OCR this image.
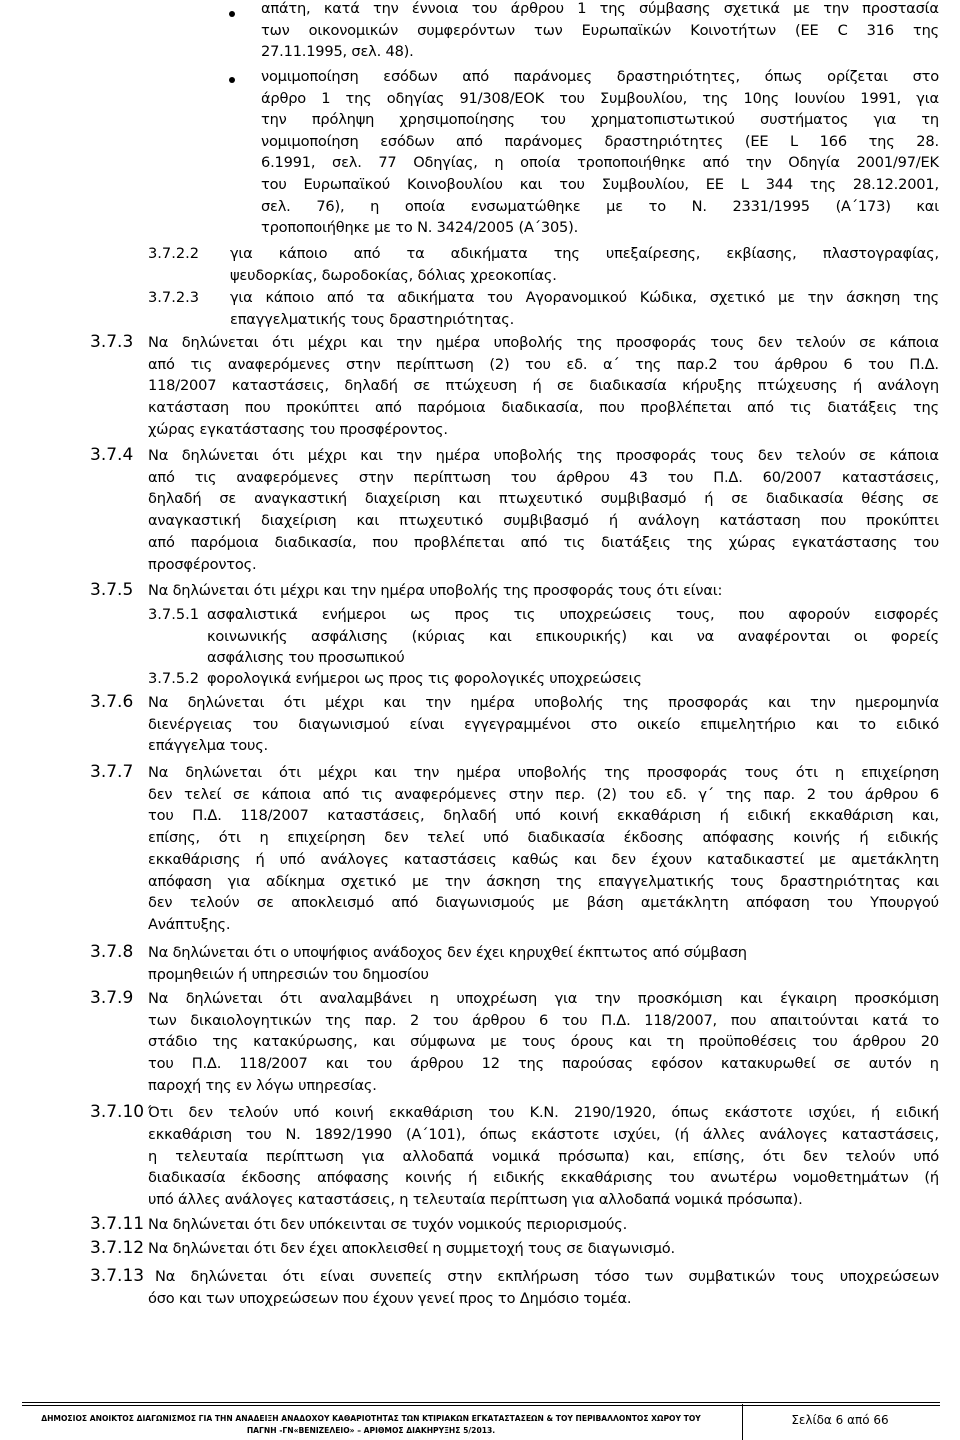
απάτη, κατά την έννοια του άρθρου 1 της σύμβασης σχετικά με την προστασία
των οικονομικών συμφερόντων των Ευρωπαϊκών Κοινοτήτων (ΕΕ C 316 της
27.11.1995, σελ. 48).
νομιμοποίηση εσόδων από παράνομες δραστηριότητες, όπως ορίζεται στο
άρθρο 1 της οδηγίας 91/308/ΕΟΚ του Συμβουλίου, της 10ης Ιουνίου 1991, για
την πρόληψη χρησιμοποίησης του χρηματοπιστωτικού συστήματος για τη
νομιμοποίηση εσόδων από παράνομες δραστηριότητες (ΕΕ L 166 της 28.
6.1991, σελ. 77 Οδηγίας, η οποία τροποποιήθηκε από την Οδηγία 2001/97/ΕΚ
του Ευρωπαϊκού Κοινοβουλίου και του Συμβουλίου, ΕΕ L 344 της 28.12.2001,
σελ. 76), η οποία ενσωματώθηκε με το Ν. 2331/1995 (Α΄173) και
τροποποιήθηκε με το Ν. 3424/2005 (Α΄305).
3.7.2.2 για κάποιο από τα αδικήματα της υπεξαίρεσης, εκβίασης, πλαστογραφίας,
ψευδορκίας, δωροδοκίας, δόλιας χρεοκοπίας.
3.7.2.3 για κάποιο από τα αδικήματα του Αγορανομικού Κώδικα, σχετικό με την άσκηση της
επαγγελματικής τους δραστηριότητας.
3.7.3 Να δηλώνεται ότι μέχρι και την ημέρα υποβολής της προσφοράς τους δεν τελούν σε κάποια
από τις αναφερόμενες στην περίπτωση (2) του εδ. α΄ της παρ.2 του άρθρου 6 του Π.Δ.
118/2007 καταστάσεις, δηλαδή σε πτώχευση ή σε διαδικασία κήρυξης πτώχευσης ή ανάλογη
κατάσταση που προκύπτει από παρόμοια διαδικασία, που προβλέπεται από τις διατάξεις της
χώρας εγκατάστασης του προσφέροντος.
3.7.4 Να δηλώνεται ότι μέχρι και την ημέρα υποβολής της προσφοράς τους δεν τελούν σε κάποια
από τις αναφερόμενες στην περίπτωση του άρθρου 43 του Π.Δ. 60/2007 καταστάσεις,
δηλαδή σε αναγκαστική διαχείριση και πτωχευτικό συμβιβασμό ή σε διαδικασία θέσης σε
αναγκαστική διαχείριση και πτωχευτικό συμβιβασμό ή ανάλογη κατάσταση που προκύπτει
από παρόμοια διαδικασία, που προβλέπεται από τις διατάξεις της χώρας εγκατάστασης του
προσφέροντος.
3.7.5 Να δηλώνεται ότι μέχρι και την ημέρα υποβολής της προσφοράς τους ότι είναι:
3.7.6 Να δηλώνεται ότι μέχρι και την ημέρα υποβολής της προσφοράς και την ημερομηνία
διενέργειας του διαγωνισμού είναι εγγεγραμμένοι στο οικείο επιμελητήριο και το ειδικό
επάγγελμα τους.
3.7.7 Να δηλώνεται ότι μέχρι και την ημέρα υποβολής της προσφοράς τους ότι η επιχείρηση
δεν τελεί σε κάποια από τις αναφερόμενες στην περ. (2) του εδ. γ΄ της παρ. 2 του άρθρου 6
του Π.Δ. 118/2007 καταστάσεις, δηλαδή υπό κοινή εκκαθάριση ή ειδική εκκαθάριση και,
επίσης, ότι η επιχείρηση δεν τελεί υπό διαδικασία έκδοσης απόφασης κοινής ή ειδικής
εκκαθάρισης ή υπό ανάλογες καταστάσεις καθώς και δεν έχουν καταδικαστεί με αμετάκλητη
απόφαση για αδίκημα σχετικό με την άσκηση της επαγγελματικής τους δραστηριότητας και
δεν τελούν σε αποκλεισμό από διαγωνισμούς με βάση αμετάκλητη απόφαση του Υπουργού
Ανάπτυξης.
3.7.8 Να δηλώνεται ότι ο υποψήφιος ανάδοχος δεν έχει κηρυχθεί έκπτωτος από σύμβαση
προμηθειών ή υπηρεσιών του δημοσίου
3.7.9 Να δηλώνεται ότι αναλαμβάνει η υποχρέωση για την προσκόμιση και έγκαιρη προσκόμιση
των δικαιολογητικών της παρ. 2 του άρθρου 6 του Π.Δ. 118/2007, που απαιτούνται κατά το
στάδιο της κατακύρωσης, και σύμφωνα με τους όρους και τη προϋποθέσεις του άρθρου 20
του Π.Δ. 118/2007 και του άρθρου 12 της παρούσας εφόσον κατακυρωθεί σε αυτόν η
παροχή της εν λόγω υπηρεσίας.
3.7.10 Ότι δεν τελούν υπό κοινή εκκαθάριση του Κ.Ν. 2190/1920, όπως εκάστοτε ισχύει, ή ειδική
εκκαθάριση του Ν. 1892/1990 (Α΄101), όπως εκάστοτε ισχύει, (ή άλλες ανάλογες καταστάσεις,
η τελευταία περίπτωση για αλλοδαπά νομικά πρόσωπα) και, επίσης, ότι δεν τελούν υπό
διαδικασία έκδοσης απόφασης κοινής ή ειδικής εκκαθάρισης του ανωτέρω νομοθετημάτων (ή
υπό άλλες ανάλογες καταστάσεις, η τελευταία περίπτωση για αλλοδαπά νομικά πρόσωπα).
3.7.11 Να δηλώνεται ότι δεν υπόκεινται σε τυχόν νομικούς περιορισμούς.
3.7.12 Να δηλώνεται ότι δεν έχει αποκλεισθεί η συμμετοχή τους σε διαγωνισμό.
3.7.13 Να δηλώνεται ότι είναι συνεπείς στην εκπλήρωση τόσο των συμβατικών τους υποχρεώσεων
όσο και των υποχρεώσεων που έχουν γενεί προς το Δημόσιο τομέα.
3.7.5.1 ασφαλιστικά ενήμεροι ως προς τις υποχρεώσεις τους, που αφορούν εισφορές
κοινωνικής ασφάλισης (κύριας και επικουρικής) και να αναφέρονται οι φορείς
ασφάλισης του προσωπικού
3.7.5.2 φορολογικά ενήμεροι ως προς τις φορολογικές υποχρεώσεις
ΔΗΜΟΣΙΟΣ ΑΝΟΙΚΤΟΣ ΔΙΑΓΩΝΙΣΜΟΣ ΓΙΑ ΤΗΝ ΑΝΑΔΕΙΞΗ ΑΝΑΔΟΧΟΥ ΚΑΘΑΡΙΟΤΗΤΑΣ ΤΩΝ ΚΤΙΡΙΑΚΩΝ ΕΓΚΑΤΑΣΤΑΣΕΩΝ & ΤΟΥ ΠΕΡΙΒΑΛΛΟΝΤΟΣ ΧΩΡΟΥ ΤΟΥ
ΠΑΓΝΗ -ΓΝ«ΒΕΝΙΖΕΛΕΙΟ» – ΑΡΙΘΜΟΣ ΔΙΑΚΗΡΥΞΗΣ 5/2013.
Σελίδα 6 από 66
